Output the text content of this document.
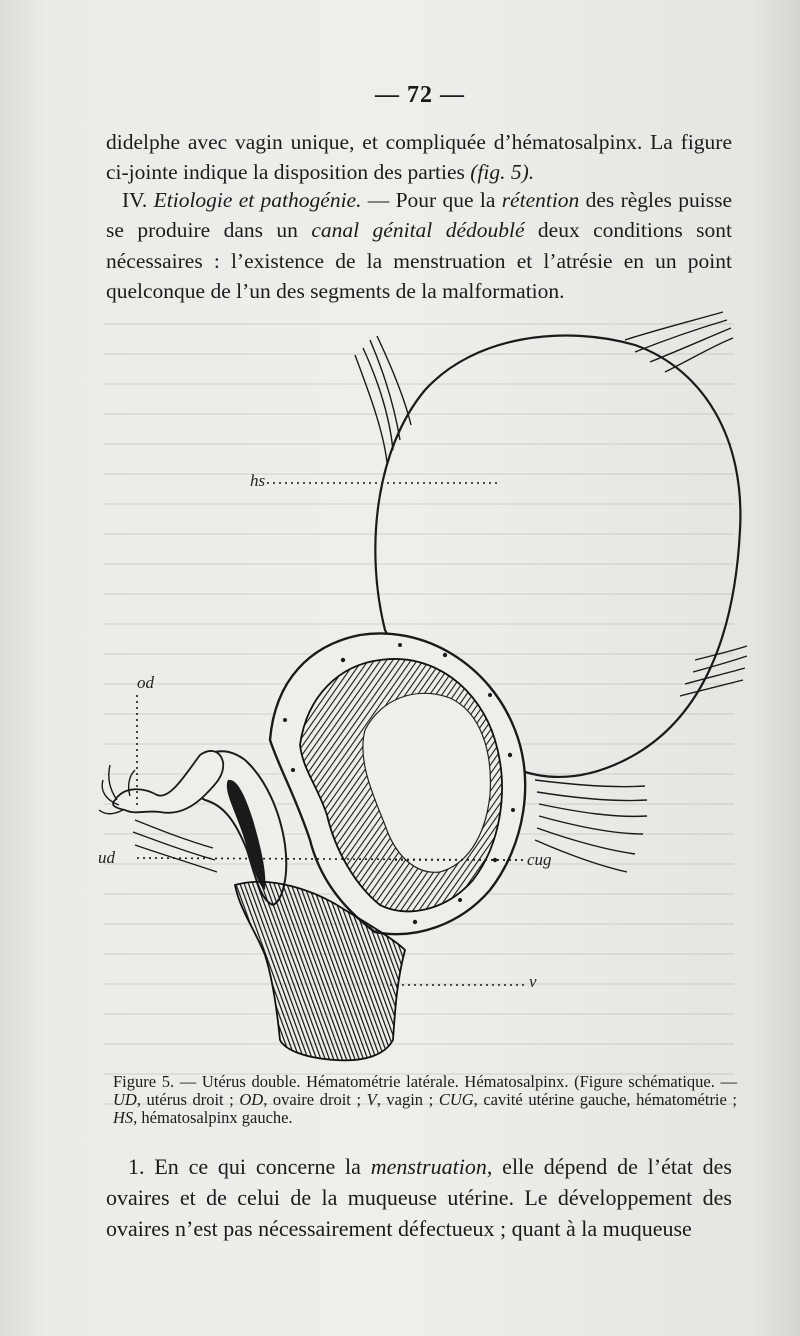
— 72 —

didelphe avec vagin unique, et compliquée d’hématosalpinx. La figure ci-jointe indique la disposition des parties (fig. 5).

IV. Etiologie et pathogénie. — Pour que la rétention des règles puisse se produire dans un canal génital dédoublé deux conditions sont nécessaires : l’existence de la menstruation et l’atrésie en un point quelconque de l’un des segments de la malformation.

od
ud
hs
cug
v
Figure 5. — Utérus double. Hématométrie latérale. Hématosalpinx. (Figure schématique. — UD, utérus droit ; OD, ovaire droit ; V, vagin ; CUG, cavité utérine gauche, hématométrie ; HS, hématosalpinx gauche.

1. En ce qui concerne la menstruation, elle dépend de l’état des ovaires et de celui de la muqueuse utérine. Le développement des ovaires n’est pas nécessairement défectueux ; quant à la muqueuse
